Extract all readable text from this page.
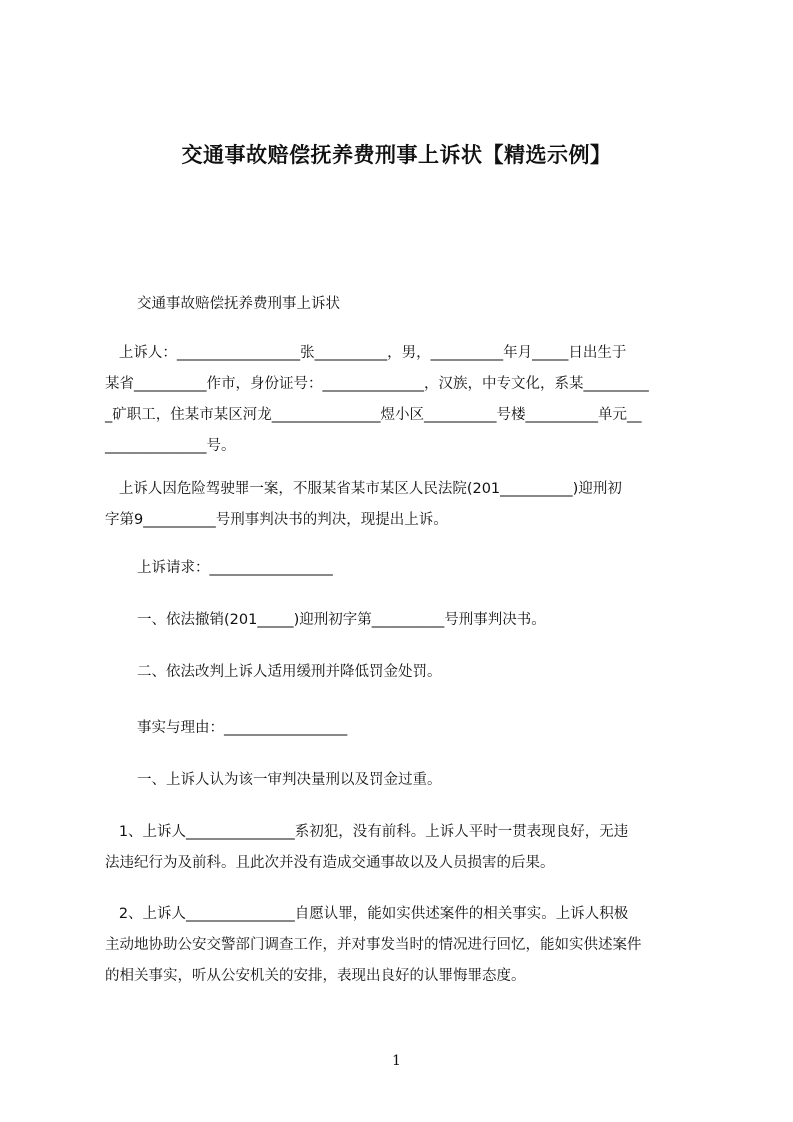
交通事故赔偿抚养费刑事上诉状【精选示例】

交通事故赔偿抚养费刑事上诉状

上诉人：_________________张__________，男，__________年月_____日出生于
某省__________作市，身份证号：______________，汉族，中专文化，系某_________
_矿职工，住某市某区河龙_______________煜小区__________号楼__________单元__
______________号。

上诉人因危险驾驶罪一案，不服某省某市某区人民法院(201__________)迎刑初
字第9__________号刑事判决书的判决，现提出上诉。

上诉请求：_________________

一、依法撤销(201_____)迎刑初字第__________号刑事判决书。

二、依法改判上诉人适用缓刑并降低罚金处罚。

事实与理由：_________________

一、上诉人认为该一审判决量刑以及罚金过重。

1、上诉人_______________系初犯，没有前科。上诉人平时一贯表现良好，无违
法违纪行为及前科。且此次并没有造成交通事故以及人员损害的后果。

2、上诉人_______________自愿认罪，能如实供述案件的相关事实。上诉人积极
主动地协助公安交警部门调查工作，并对事发当时的情况进行回忆，能如实供述案件
的相关事实，听从公安机关的安排，表现出良好的认罪悔罪态度。

1
